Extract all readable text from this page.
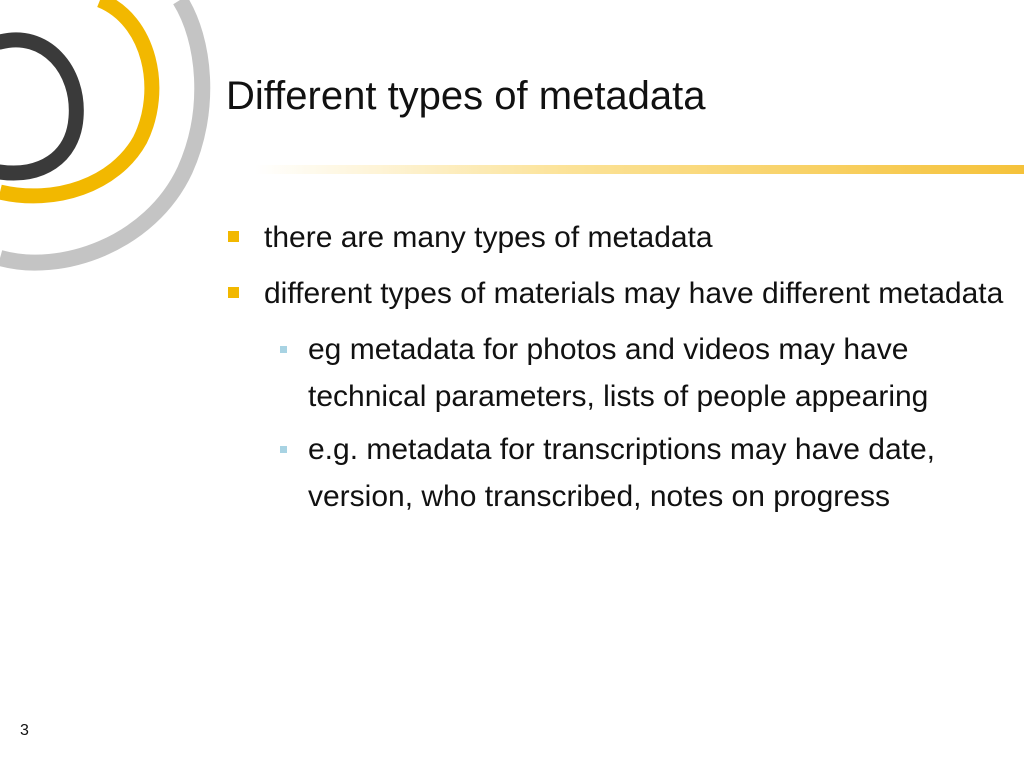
Different types of metadata
there are many types of metadata
different types of materials may have different metadata
eg metadata for photos and videos may have technical parameters, lists of people appearing
e.g. metadata for transcriptions may have date, version, who transcribed, notes on progress
3
